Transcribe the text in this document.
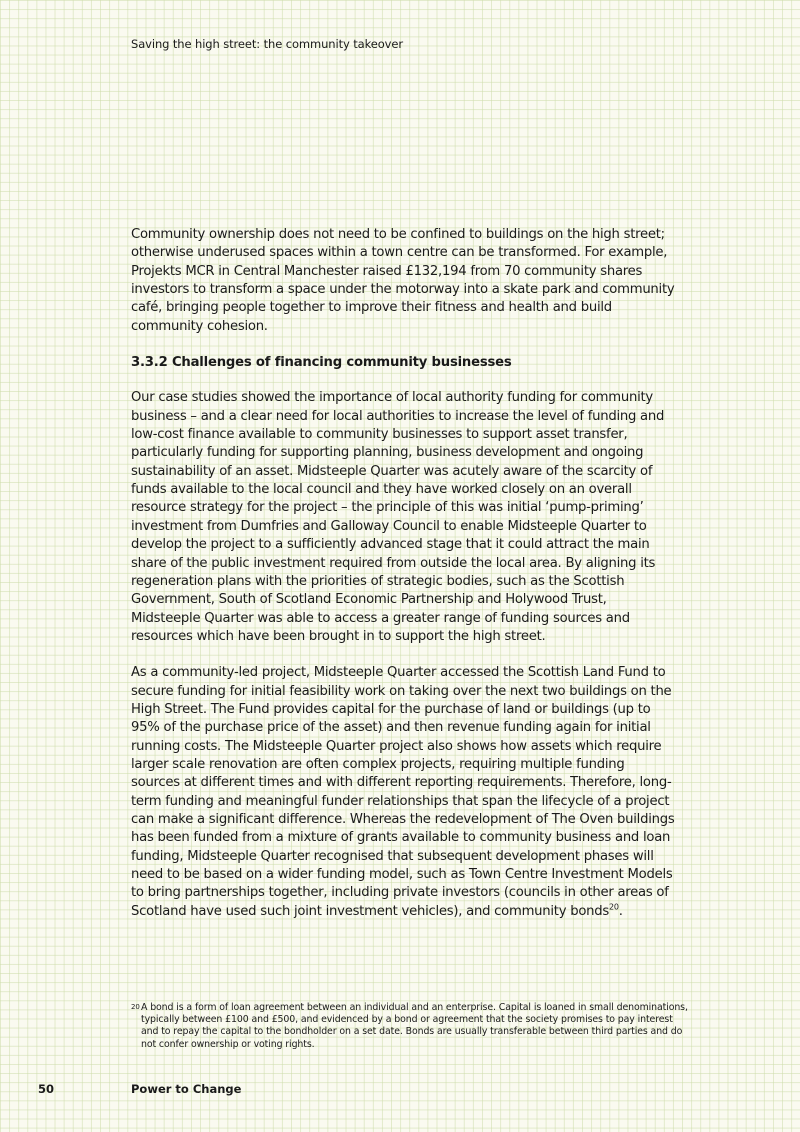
Saving the high street: the community takeover

Community ownership does not need to be confined to buildings on the high street; otherwise underused spaces within a town centre can be transformed. For example, Projekts MCR in Central Manchester raised £132,194 from 70 community shares investors to transform a space under the motorway into a skate park and community café, bringing people together to improve their fitness and health and build community cohesion.

3.3.2 Challenges of financing community businesses

Our case studies showed the importance of local authority funding for community business – and a clear need for local authorities to increase the level of funding and low-cost finance available to community businesses to support asset transfer, particularly funding for supporting planning, business development and ongoing sustainability of an asset. Midsteeple Quarter was acutely aware of the scarcity of funds available to the local council and they have worked closely on an overall resource strategy for the project – the principle of this was initial ‘pump-priming’ investment from Dumfries and Galloway Council to enable Midsteeple Quarter to develop the project to a sufficiently advanced stage that it could attract the main share of the public investment required from outside the local area. By aligning its regeneration plans with the priorities of strategic bodies, such as the Scottish Government, South of Scotland Economic Partnership and Holywood Trust, Midsteeple Quarter was able to access a greater range of funding sources and resources which have been brought in to support the high street.

As a community-led project, Midsteeple Quarter accessed the Scottish Land Fund to secure funding for initial feasibility work on taking over the next two buildings on the High Street. The Fund provides capital for the purchase of land or buildings (up to 95% of the purchase price of the asset) and then revenue funding again for initial running costs. The Midsteeple Quarter project also shows how assets which require larger scale renovation are often complex projects, requiring multiple funding sources at different times and with different reporting requirements. Therefore, long-term funding and meaningful funder relationships that span the lifecycle of a project can make a significant difference. Whereas the redevelopment of The Oven buildings has been funded from a mixture of grants available to community business and loan funding, Midsteeple Quarter recognised that subsequent development phases will need to be based on a wider funding model, such as Town Centre Investment Models to bring partnerships together, including private investors (councils in other areas of Scotland have used such joint investment vehicles), and community bonds$^{20}$.

20 A bond is a form of loan agreement between an individual and an enterprise. Capital is loaned in small denominations, typically between £100 and £500, and evidenced by a bond or agreement that the society promises to pay interest and to repay the capital to the bondholder on a set date. Bonds are usually transferable between third parties and do not confer ownership or voting rights.
50	Power to Change
